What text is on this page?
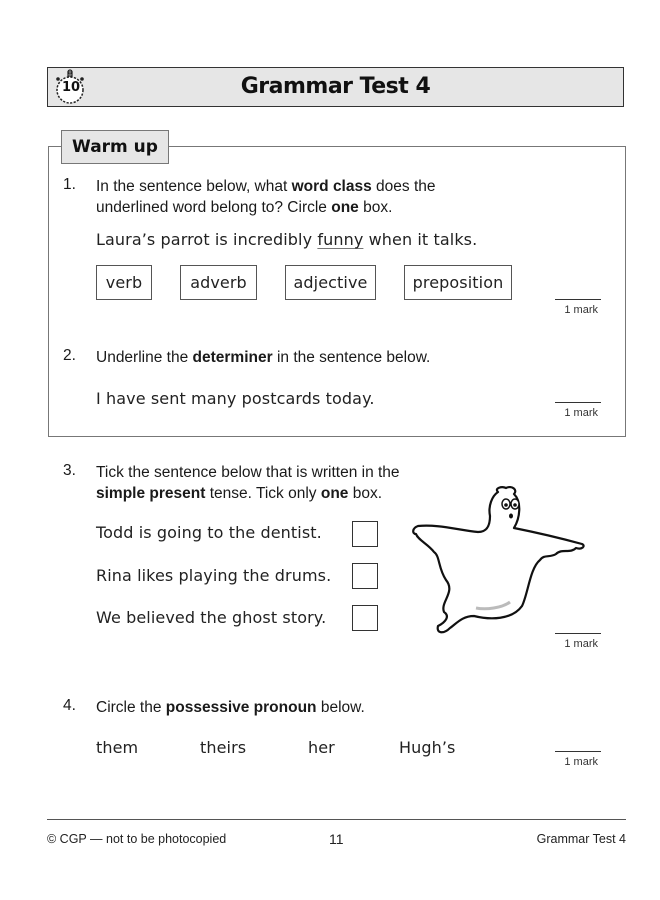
10	Grammar Test 4
Warm up
1. In the sentence below, what word class does the
underlined word belong to? Circle one box.
Laura’s parrot is incredibly funny when it talks.
verb	adverb	adjective	preposition
1 mark
2. Underline the determiner in the sentence below.
I have sent many postcards today.
1 mark
3. Tick the sentence below that is written in the
simple present tense. Tick only one box.
Todd is going to the dentist.
Rina likes playing the drums.
We believed the ghost story.
1 mark
4. Circle the possessive pronoun below.
them	theirs	her	Hugh’s
1 mark
© CGP — not to be photocopied	11	Grammar Test 4
